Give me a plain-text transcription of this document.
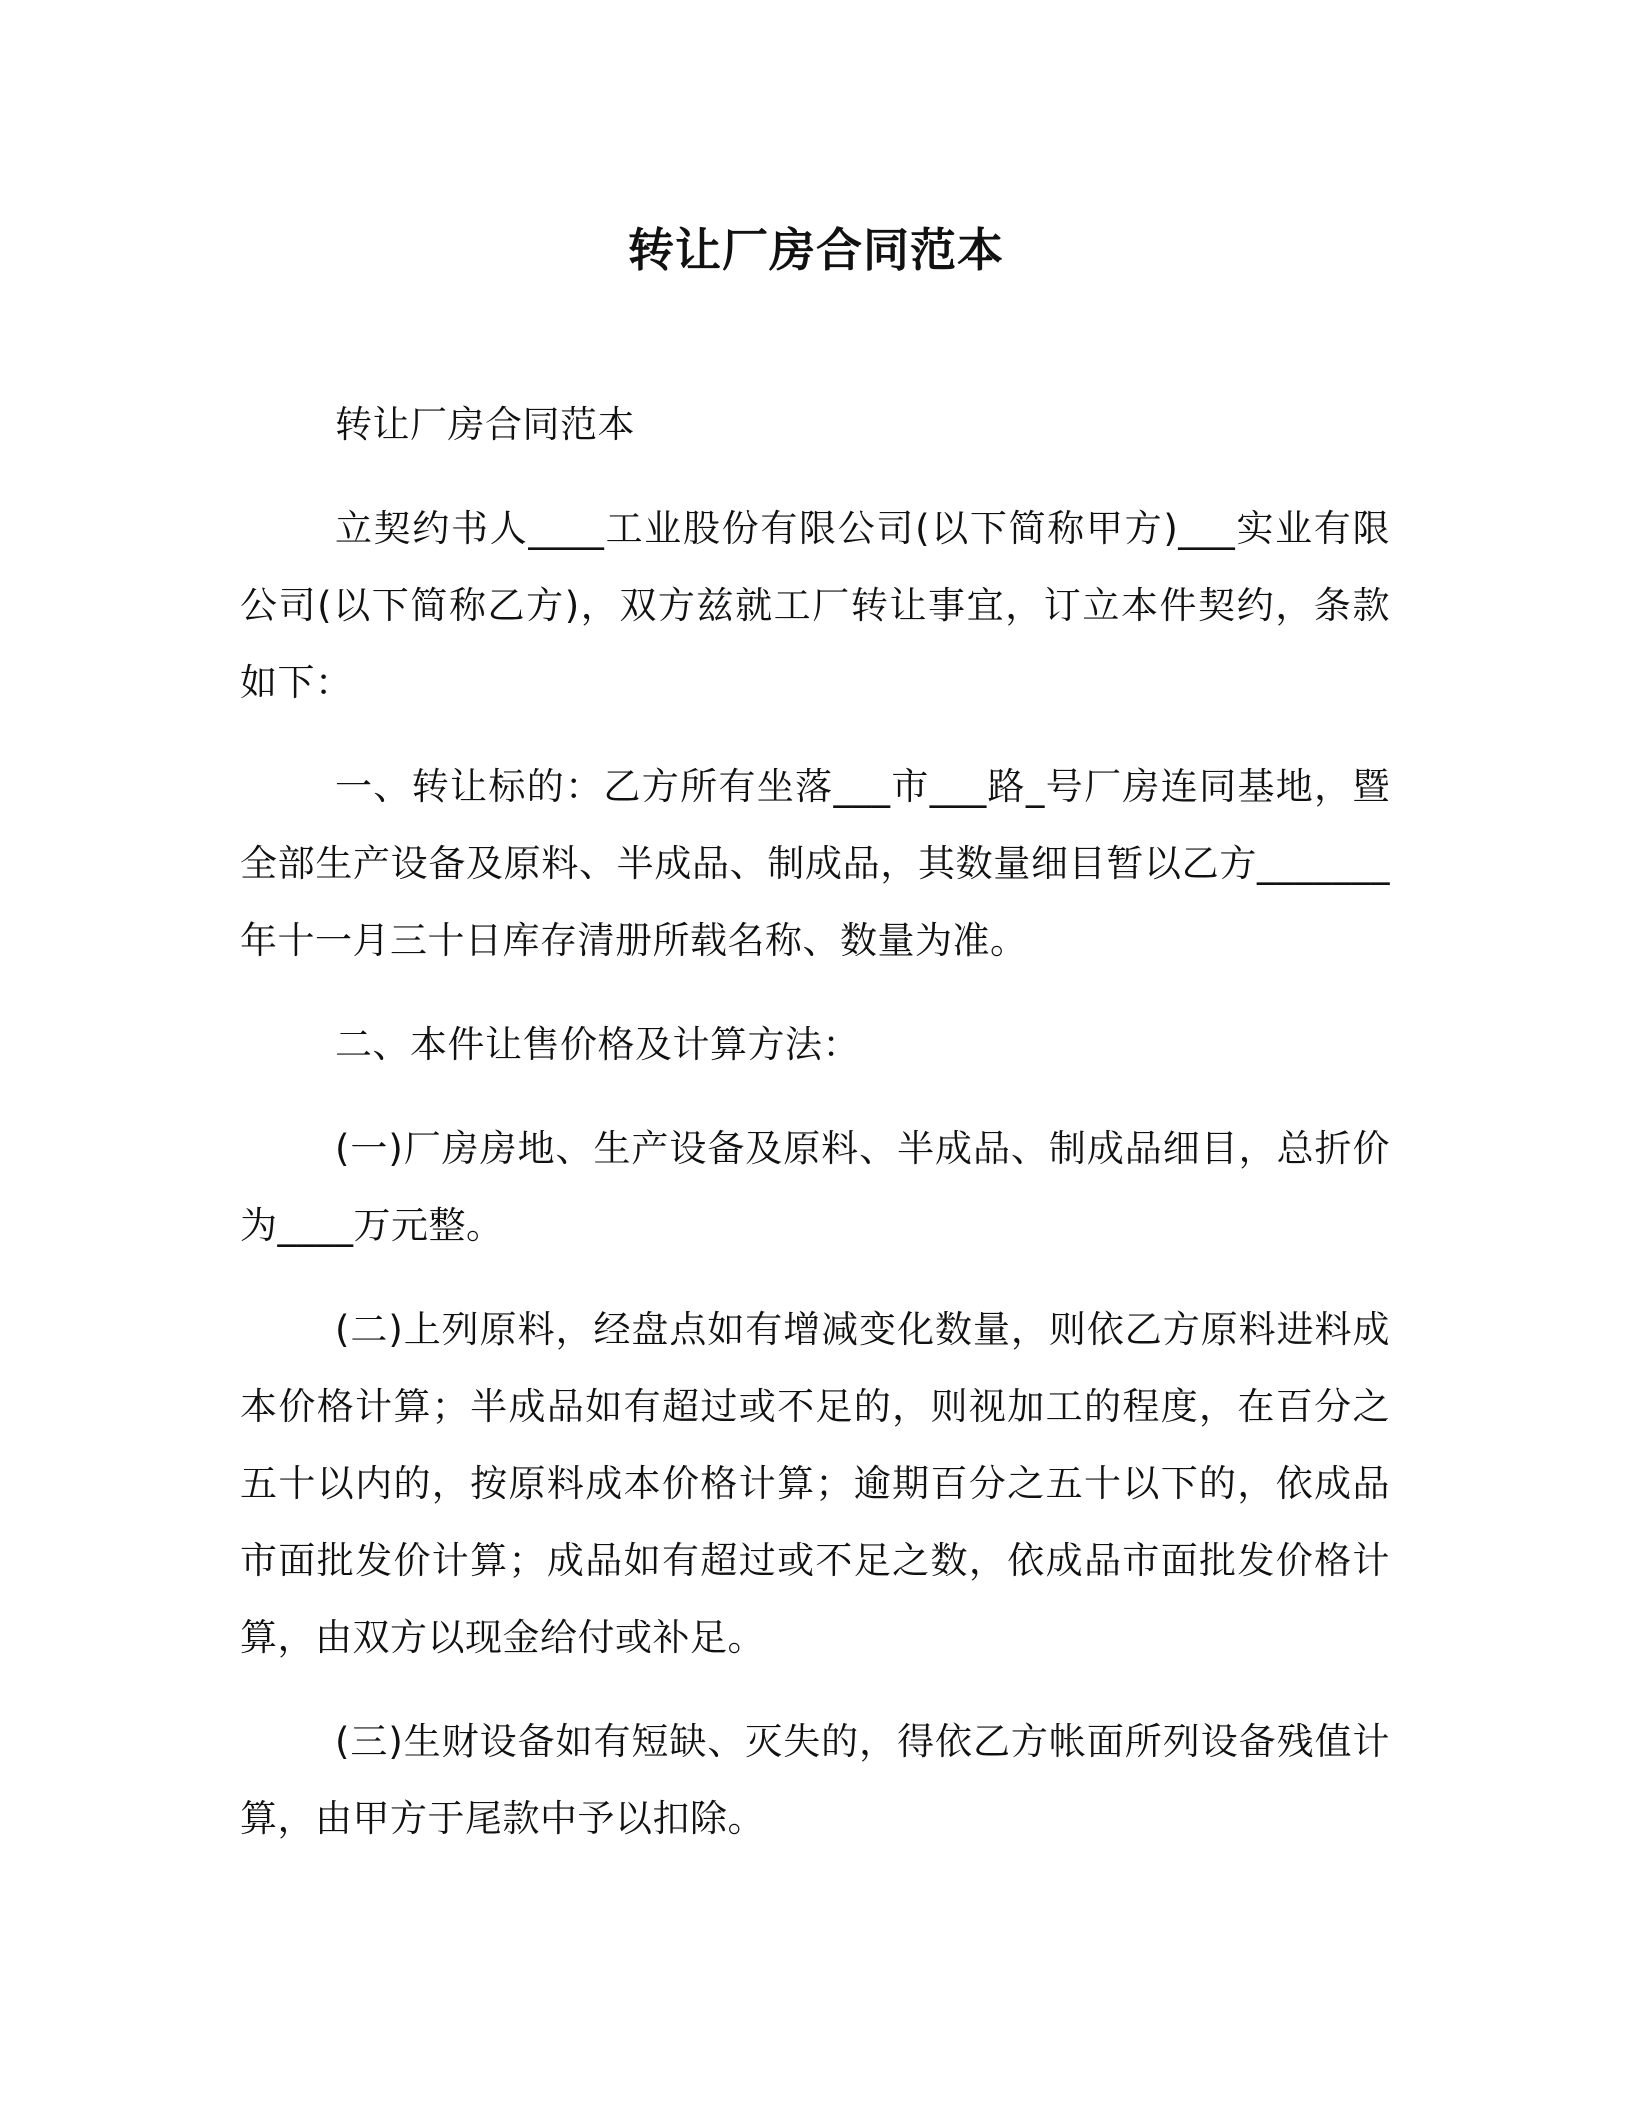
转让厂房合同范本

转让厂房合同范本

立契约书人____工业股份有限公司(以下简称甲方)___实业有限公司(以下简称乙方)，双方兹就工厂转让事宜，订立本件契约，条款如下：

一、转让标的：乙方所有坐落___市___路_号厂房连同基地，暨全部生产设备及原料、半成品、制成品，其数量细目暂以乙方_______年十一月三十日库存清册所载名称、数量为准。

二、本件让售价格及计算方法：

(一)厂房房地、生产设备及原料、半成品、制成品细目，总折价为____万元整。

(二)上列原料，经盘点如有增减变化数量，则依乙方原料进料成本价格计算；半成品如有超过或不足的，则视加工的程度，在百分之五十以内的，按原料成本价格计算；逾期百分之五十以下的，依成品市面批发价计算；成品如有超过或不足之数，依成品市面批发价格计算，由双方以现金给付或补足。

(三)生财设备如有短缺、灭失的，得依乙方帐面所列设备残值计算，由甲方于尾款中予以扣除。
